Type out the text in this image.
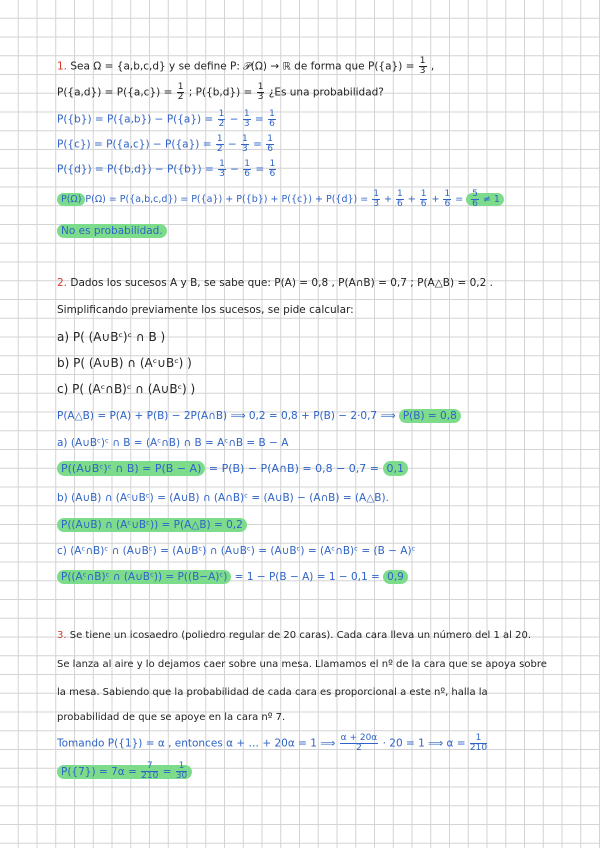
1. Sea Ω = {a,b,c,d} y se define P: 𝒫(Ω) → ℝ de forma que $P(\{a\}) = \frac{1}{3}$ ,
$P(\{a,d\}) = P(\{a,c\}) = \frac{1}{2}$ ; $P(\{b,d\}) = \frac{1}{3}$ ¿Es una probabilidad?
$P(\{b\}) = P(\{a,b\}) - P(\{a\}) = \frac{1}{2} - \frac{1}{3} = \frac{1}{6}$
$P(\{c\}) = P(\{a,c\}) - P(\{a\}) = \frac{1}{2} - \frac{1}{3} = \frac{1}{6}$
$P(\{d\}) = P(\{b,d\}) - P(\{b\}) = \frac{1}{3} - \frac{1}{6} = \frac{1}{6}$
P(Ω) $P(\Omega) = P(\{a,b,c,d\}) = P(\{a\}) + P(\{b\}) + P(\{c\}) + P(\{d\}) = \frac{1}{3} + \frac{1}{6} + \frac{1}{6} + \frac{1}{6} = \frac{5}{6} \ne 1$
No es probabilidad.
2. Dados los sucesos A y B, se sabe que: P(A) = 0,8 , P(A∩B) = 0,7 ; P(A△B) = 0,2 .
Simplificando previamente los sucesos, se pide calcular:
a) P( (A∪Bᶜ)ᶜ ∩ B )
b) P( (A∪B) ∩ (Aᶜ∪Bᶜ) )
c) P( (Aᶜ∩B)ᶜ ∩ (A∪Bᶜ) )
P(A△B) = P(A) + P(B) − 2P(A∩B) ⟹ 0,2 = 0,8 + P(B) − 2·0,7 ⟹ P(B) = 0,8
a) (A∪Bᶜ)ᶜ ∩ B = (Aᶜ∩B) ∩ B = Aᶜ∩B = B − A
P((A∪Bᶜ)ᶜ ∩ B) = P(B − A) = P(B) − P(A∩B) = 0,8 − 0,7 = 0,1
b) (A∪B) ∩ (Aᶜ∪Bᶜ) = (A∪B) ∩ (A∩B)ᶜ = (A∪B) − (A∩B) = (A△B).
P((A∪B) ∩ (Aᶜ∪Bᶜ)) = P(A△B) = 0,2
c) (Aᶜ∩B)ᶜ ∩ (A∪Bᶜ) = (A∪Bᶜ) ∩ (A∪Bᶜ) = (A∪Bᶜ) = (Aᶜ∩B)ᶜ = (B − A)ᶜ
P((Aᶜ∩B)ᶜ ∩ (A∪Bᶜ)) = P((B−A)ᶜ) = 1 − P(B − A) = 1 − 0,1 = 0,9
3. Se tiene un icosaedro (poliedro regular de 20 caras). Cada cara lleva un número del 1 al 20.
Se lanza al aire y lo dejamos caer sobre una mesa. Llamamos el nº de la cara que se apoya sobre
la mesa. Sabiendo que la probabilidad de cada cara es proporcional a este nº, halla la
probabilidad de que se apoye en la cara nº 7.
Tomando P({1}) = α , entonces α + … + 20α = 1 ⟹ $\frac{\alpha + 20\alpha}{2} \cdot 20 = 1$ ⟹ $\alpha = \frac{1}{210}$
$P(\{7\}) = 7\alpha = \frac{7}{210} = \frac{1}{30}$
